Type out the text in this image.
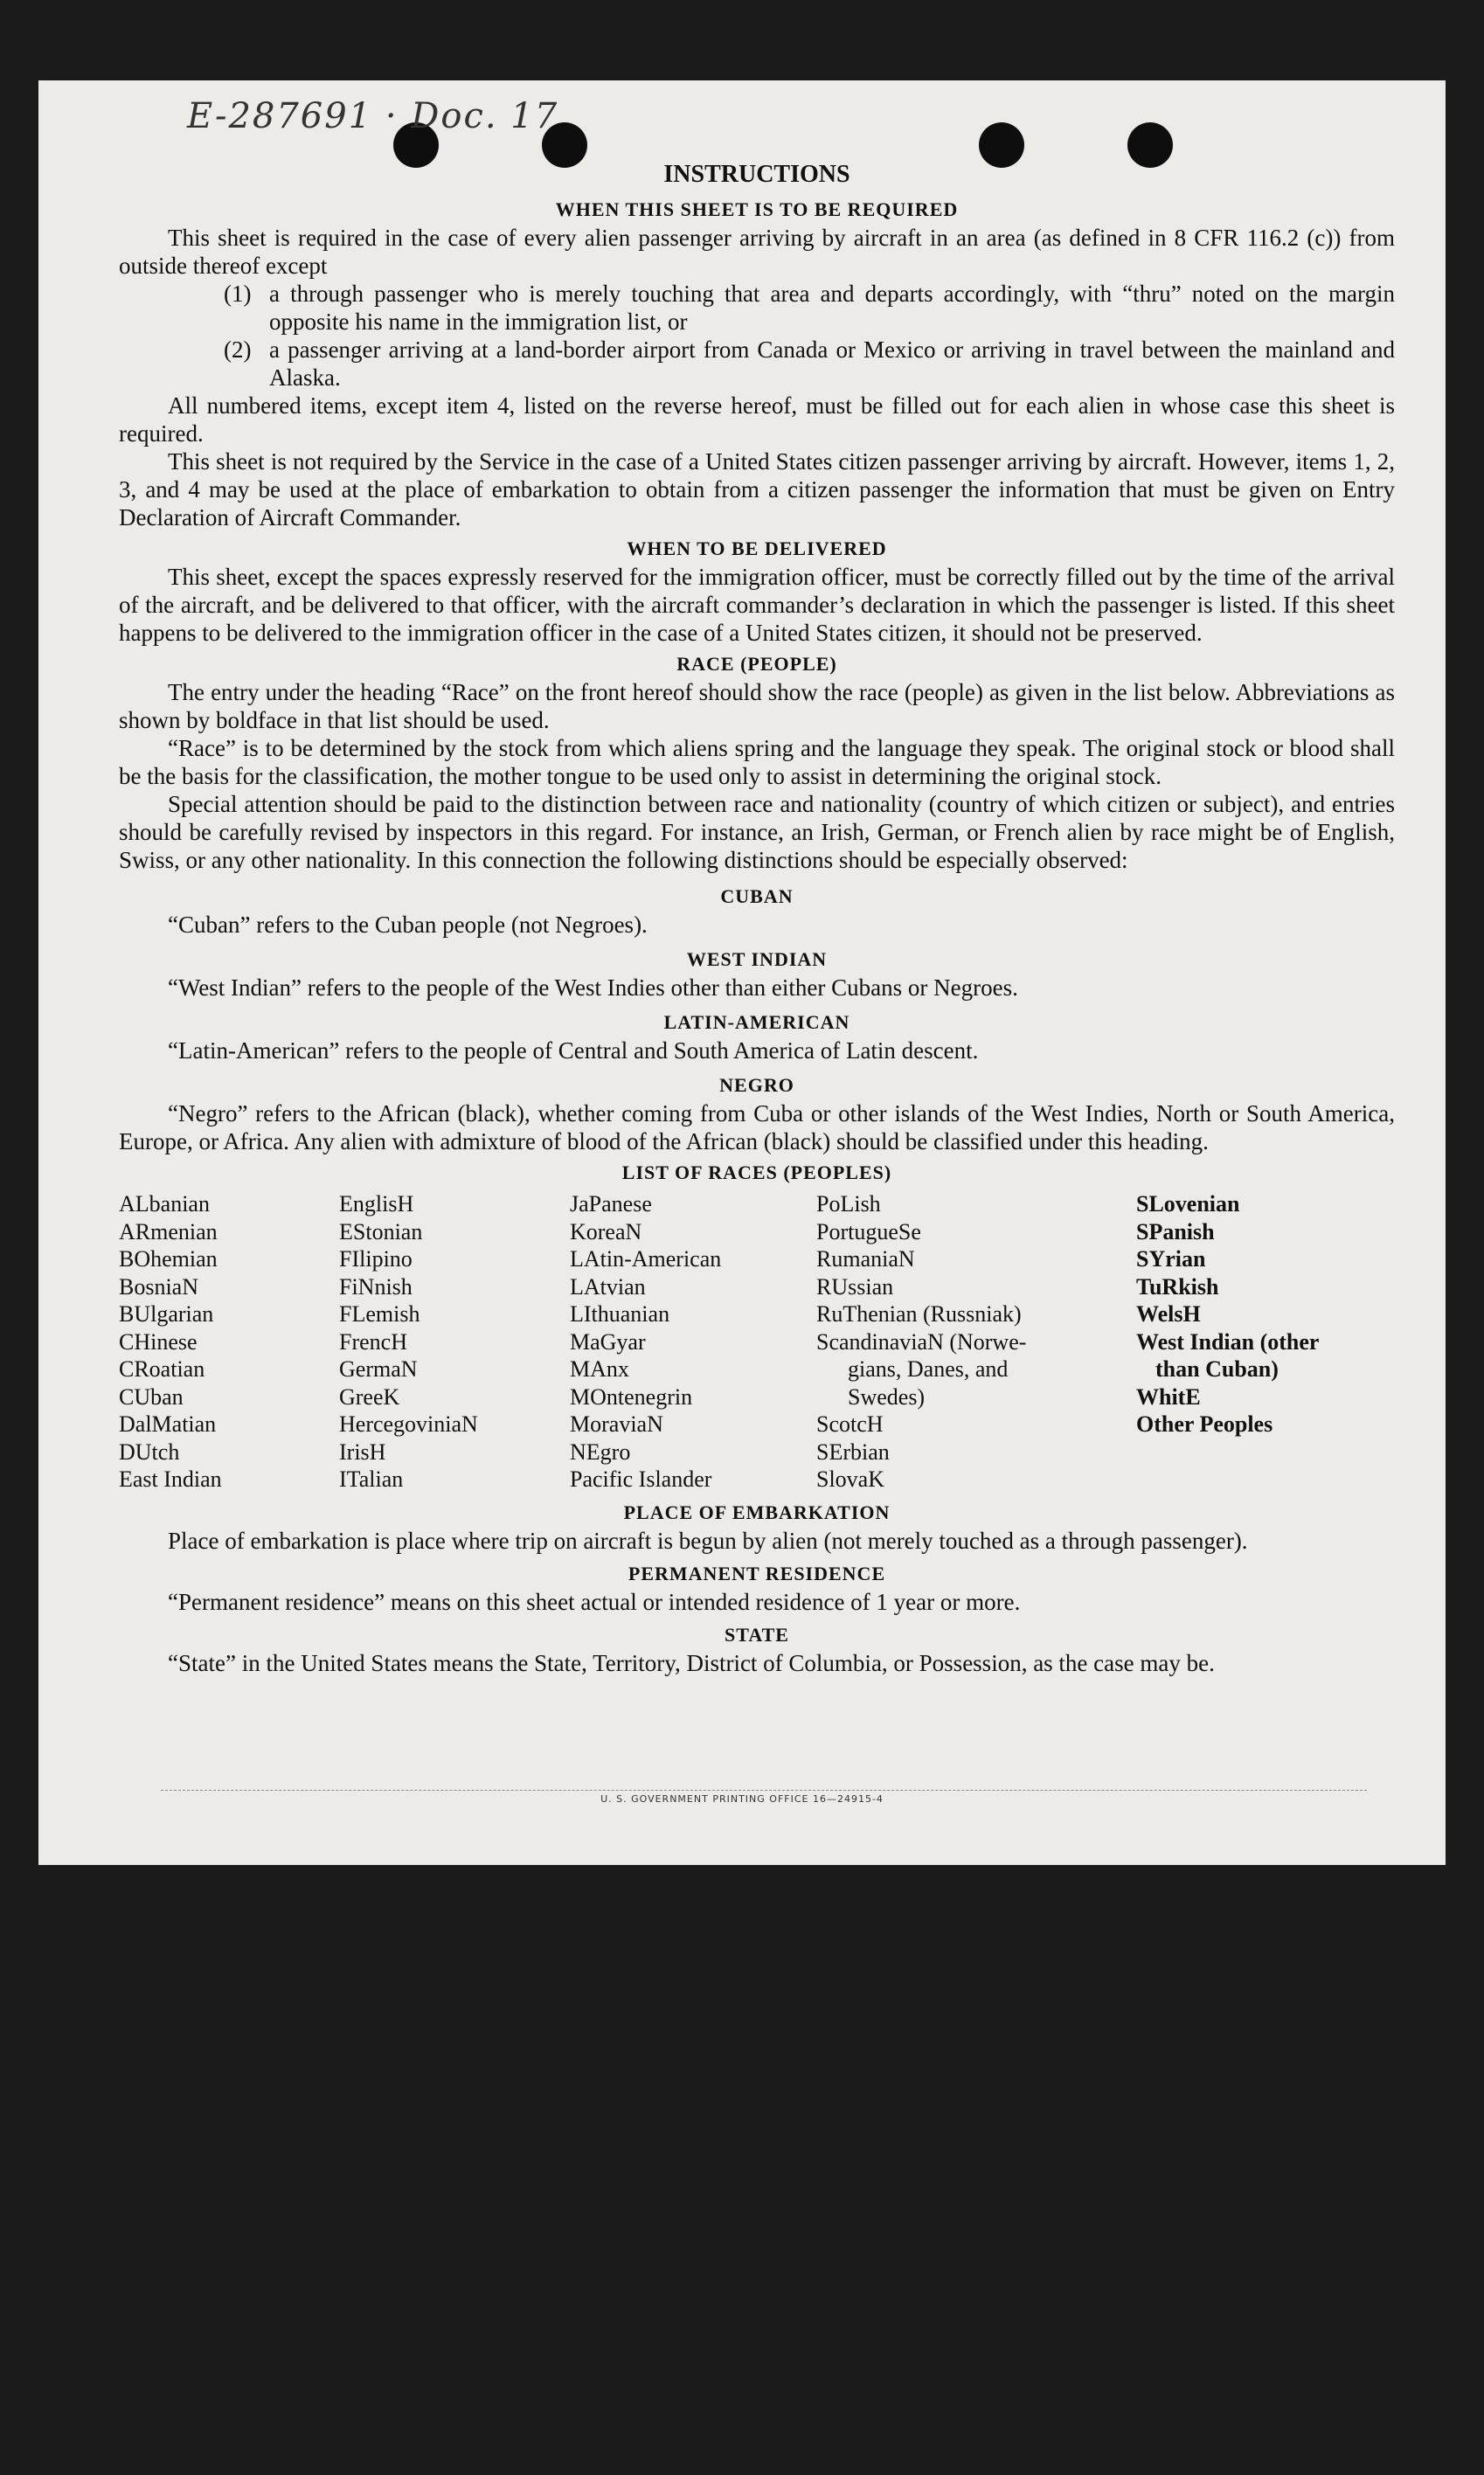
E-287691 · Doc. 17
INSTRUCTIONS
WHEN THIS SHEET IS TO BE REQUIRED

This sheet is required in the case of every alien passenger arriving by aircraft in an area (as defined in 8 CFR 116.2 (c)) from outside thereof except

(1) a through passenger who is merely touching that area and departs accordingly, with “thru” noted on the margin opposite his name in the immigration list, or
(2) a passenger arriving at a land-border airport from Canada or Mexico or arriving in travel between the mainland and Alaska.

All numbered items, except item 4, listed on the reverse hereof, must be filled out for each alien in whose case this sheet is required.

This sheet is not required by the Service in the case of a United States citizen passenger arriving by aircraft. However, items 1, 2, 3, and 4 may be used at the place of embarkation to obtain from a citizen passenger the information that must be given on Entry Declaration of Aircraft Commander.

WHEN TO BE DELIVERED

This sheet, except the spaces expressly reserved for the immigration officer, must be correctly filled out by the time of the arrival of the aircraft, and be delivered to that officer, with the aircraft commander’s declaration in which the passenger is listed. If this sheet happens to be delivered to the immigration officer in the case of a United States citizen, it should not be preserved.

RACE (PEOPLE)

The entry under the heading “Race” on the front hereof should show the race (people) as given in the list below. Abbreviations as shown by boldface in that list should be used.

“Race” is to be determined by the stock from which aliens spring and the language they speak. The original stock or blood shall be the basis for the classification, the mother tongue to be used only to assist in determining the original stock.

Special attention should be paid to the distinction between race and nationality (country of which citizen or subject), and entries should be carefully revised by inspectors in this regard. For instance, an Irish, German, or French alien by race might be of English, Swiss, or any other nationality. In this connection the following distinctions should be especially observed:

CUBAN

“Cuban” refers to the Cuban people (not Negroes).

WEST INDIAN

“West Indian” refers to the people of the West Indies other than either Cubans or Negroes.

LATIN-AMERICAN

“Latin-American” refers to the people of Central and South America of Latin descent.

NEGRO

“Negro” refers to the African (black), whether coming from Cuba or other islands of the West Indies, North or South America, Europe, or Africa. Any alien with admixture of blood of the African (black) should be classified under this heading.

LIST OF RACES (PEOPLES)
ALbanian
ARmenian
BOhemian
BosniaN
BUlgarian
CHinese
CRoatian
CUban
DalMatian
DUtch
East Indian
EnglisH
EStonian
FIlipino
FiNnish
FLemish
FrencH
GermaN
GreeK
HercegoviniaN
IrisH
ITalian
JaPanese
KoreaN
LAtin-American
LAtvian
LIthuanian
MaGyar
MAnx
MOntenegrin
MoraviaN
NEgro
Pacific Islander
PoLish
PortugueSe
RumaniaN
RUssian
RuThenian (Russniak)
ScandinaviaN (Norwe-
gians, Danes, and
Swedes)
ScotcH
SErbian
SlovaK
SLovenian
SPanish
SYrian
TuRkish
WelsH
West Indian (other
than Cuban)
WhitE
Other Peoples
PLACE OF EMBARKATION

Place of embarkation is place where trip on aircraft is begun by alien (not merely touched as a through passenger).

PERMANENT RESIDENCE

“Permanent residence” means on this sheet actual or intended residence of 1 year or more.

STATE

“State” in the United States means the State, Territory, District of Columbia, or Possession, as the case may be.

U. S. GOVERNMENT PRINTING OFFICE 16—24915-4
